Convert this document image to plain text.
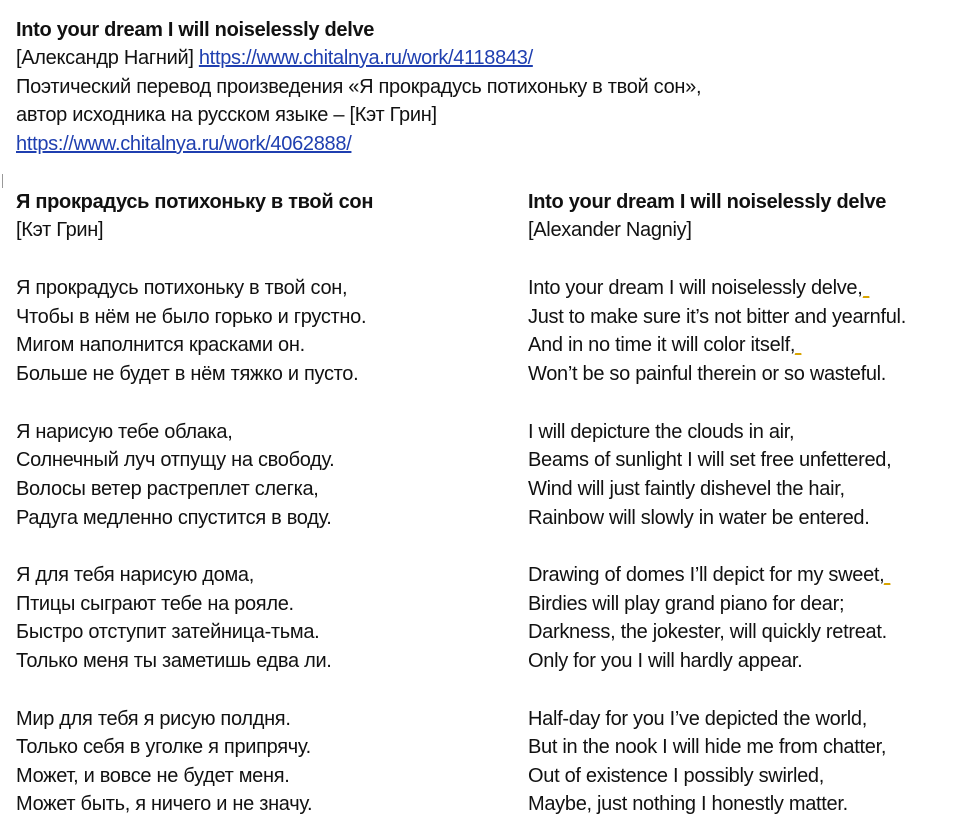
Into your dream I will noiselessly delve
[Александр Нагний] https://www.chitalnya.ru/work/4118843/
Поэтический перевод произведения «Я прокрадусь потихоньку в твой сон»,
автор исходника на русском языке – [Кэт Грин]
https://www.chitalnya.ru/work/4062888/
Я прокрадусь потихоньку в твой сон
[Кэт Грин]
Я прокрадусь потихоньку в твой сон,
Чтобы в нём не было горько и грустно.
Мигом наполнится красками он.
Больше не будет в нём тяжко и пусто.
Я нарисую тебе облака,
Солнечный луч отпущу на свободу.
Волосы ветер растреплет слегка,
Радуга медленно спустится в воду.
Я для тебя нарисую дома,
Птицы сыграют тебе на рояле.
Быстро отступит затейница-тьма.
Только меня ты заметишь едва ли.
Мир для тебя я рисую полдня.
Только себя в уголке я припрячу.
Может, и вовсе не будет меня.
Может быть, я ничего и не значу.
Into your dream I will noiselessly delve
[Alexander Nagniy]
Into your dream I will noiselessly delve,
Just to make sure it’s not bitter and yearnful.
And in no time it will color itself,
Won’t be so painful therein or so wasteful.
I will depicture the clouds in air,
Beams of sunlight I will set free unfettered,
Wind will just faintly dishevel the hair,
Rainbow will slowly in water be entered.
Drawing of domes I’ll depict for my sweet,
Birdies will play grand piano for dear;
Darkness, the jokester, will quickly retreat.
Only for you I will hardly appear.
Half-day for you I’ve depicted the world,
But in the nook I will hide me from chatter,
Out of existence I possibly swirled,
Maybe, just nothing I honestly matter.
